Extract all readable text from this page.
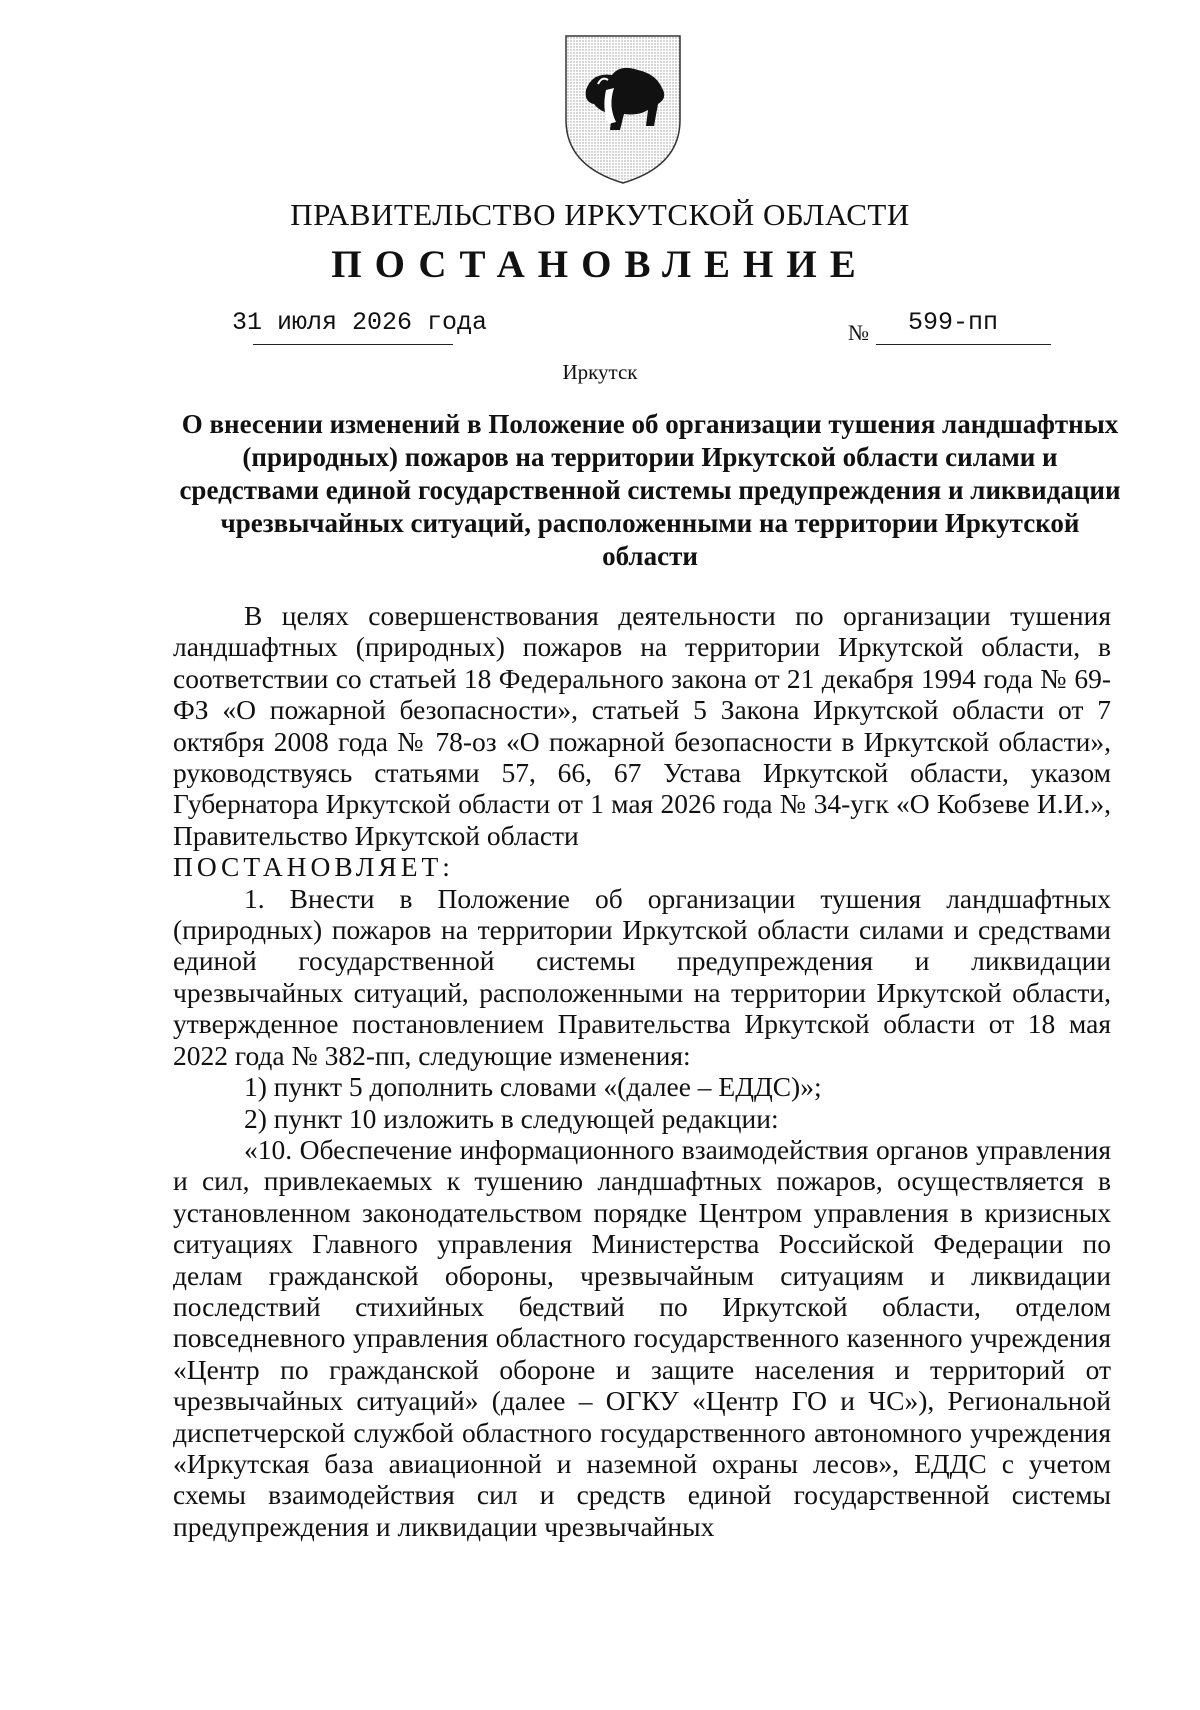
ПРАВИТЕЛЬСТВО ИРКУТСКОЙ ОБЛАСТИ
ПОСТАНОВЛЕНИЕ
31 июля 2026 года	№ 599-пп
Иркутск
О внесении изменений в Положение об организации тушения ландшафтных (природных) пожаров на территории Иркутской области силами и средствами единой государственной системы предупреждения и ликвидации чрезвычайных ситуаций, расположенными на территории Иркутской области

В целях совершенствования деятельности по организации тушения ландшафтных (природных) пожаров на территории Иркутской области, в соответствии со статьей 18 Федерального закона от 21 декабря 1994 года № 69-ФЗ «О пожарной безопасности», статьей 5 Закона Иркутской области от 7 октября 2008 года № 78-оз «О пожарной безопасности в Иркутской области», руководствуясь статьями 57, 66, 67 Устава Иркутской области, указом Губернатора Иркутской области от 1 мая 2026 года № 34-угк «О Кобзеве И.И.», Правительство Иркутской области

ПОСТАНОВЛЯЕТ:

1. Внести в Положение об организации тушения ландшафтных (природных) пожаров на территории Иркутской области силами и средствами единой государственной системы предупреждения и ликвидации чрезвычайных ситуаций, расположенными на территории Иркутской области, утвержденное постановлением Правительства Иркутской области от 18 мая 2022 года № 382-пп, следующие изменения:

1) пункт 5 дополнить словами «(далее – ЕДДС)»;

2) пункт 10 изложить в следующей редакции:

«10. Обеспечение информационного взаимодействия органов управления и сил, привлекаемых к тушению ландшафтных пожаров, осуществляется в установленном законодательством порядке Центром управления в кризисных ситуациях Главного управления Министерства Российской Федерации по делам гражданской обороны, чрезвычайным ситуациям и ликвидации последствий стихийных бедствий по Иркутской области, отделом повседневного управления областного государственного казенного учреждения «Центр по гражданской обороне и защите населения и территорий от чрезвычайных ситуаций» (далее – ОГКУ «Центр ГО и ЧС»), Региональной диспетчерской службой областного государственного автономного учреждения «Иркутская база авиационной и наземной охраны лесов», ЕДДС с учетом схемы взаимодействия сил и средств единой государственной системы предупреждения и ликвидации чрезвычайных
